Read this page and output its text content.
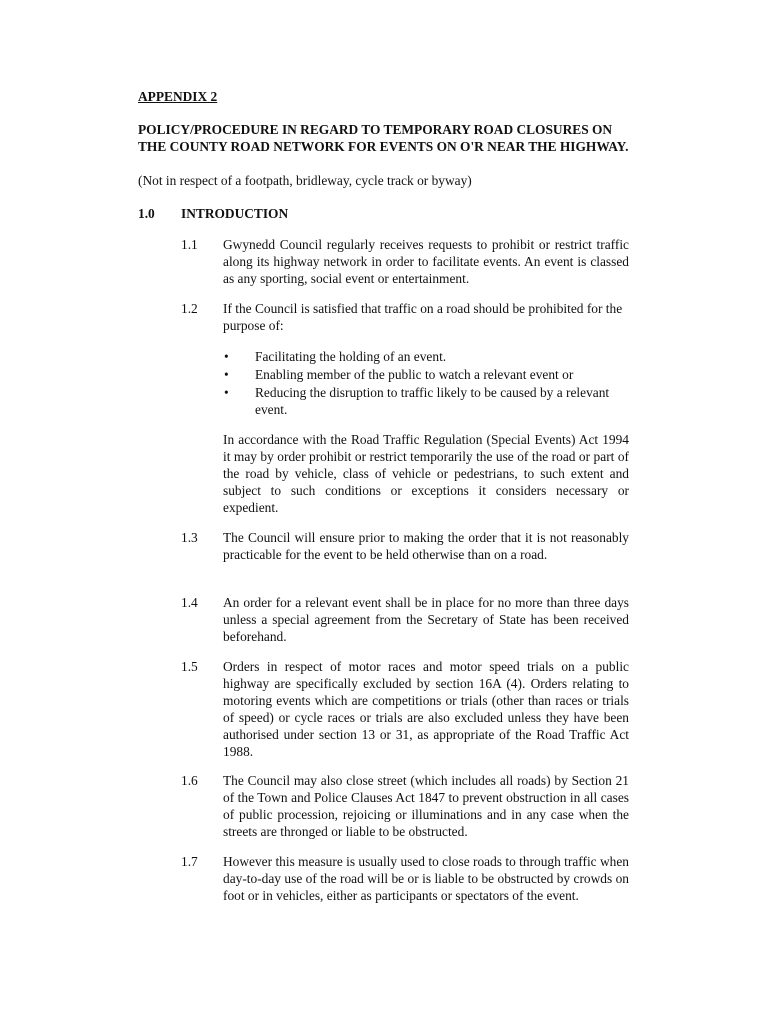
APPENDIX 2
POLICY/PROCEDURE IN REGARD TO TEMPORARY ROAD CLOSURES ON THE COUNTY ROAD NETWORK FOR EVENTS ON O'R NEAR THE HIGHWAY.
(Not in respect of a footpath, bridleway, cycle track or byway)
1.0 INTRODUCTION
1.1 Gwynedd Council regularly receives requests to prohibit or restrict traffic along its highway network in order to facilitate events. An event is classed as any sporting, social event or entertainment.
1.2 If the Council is satisfied that traffic on a road should be prohibited for the purpose of:
• Facilitating the holding of an event.
• Enabling member of the public to watch a relevant event or
• Reducing the disruption to traffic likely to be caused by a relevant event.
In accordance with the Road Traffic Regulation (Special Events) Act 1994 it may by order prohibit or restrict temporarily the use of the road or part of the road by vehicle, class of vehicle or pedestrians, to such extent and subject to such conditions or exceptions it considers necessary or expedient.
1.3 The Council will ensure prior to making the order that it is not reasonably practicable for the event to be held otherwise than on a road.
1.4 An order for a relevant event shall be in place for no more than three days unless a special agreement from the Secretary of State has been received beforehand.
1.5 Orders in respect of motor races and motor speed trials on a public highway are specifically excluded by section 16A (4). Orders relating to motoring events which are competitions or trials (other than races or trials of speed) or cycle races or trials are also excluded unless they have been authorised under section 13 or 31, as appropriate of the Road Traffic Act 1988.
1.6 The Council may also close street (which includes all roads) by Section 21 of the Town and Police Clauses Act 1847 to prevent obstruction in all cases of public procession, rejoicing or illuminations and in any case when the streets are thronged or liable to be obstructed.
1.7 However this measure is usually used to close roads to through traffic when day-to-day use of the road will be or is liable to be obstructed by crowds on foot or in vehicles, either as participants or spectators of the event.
